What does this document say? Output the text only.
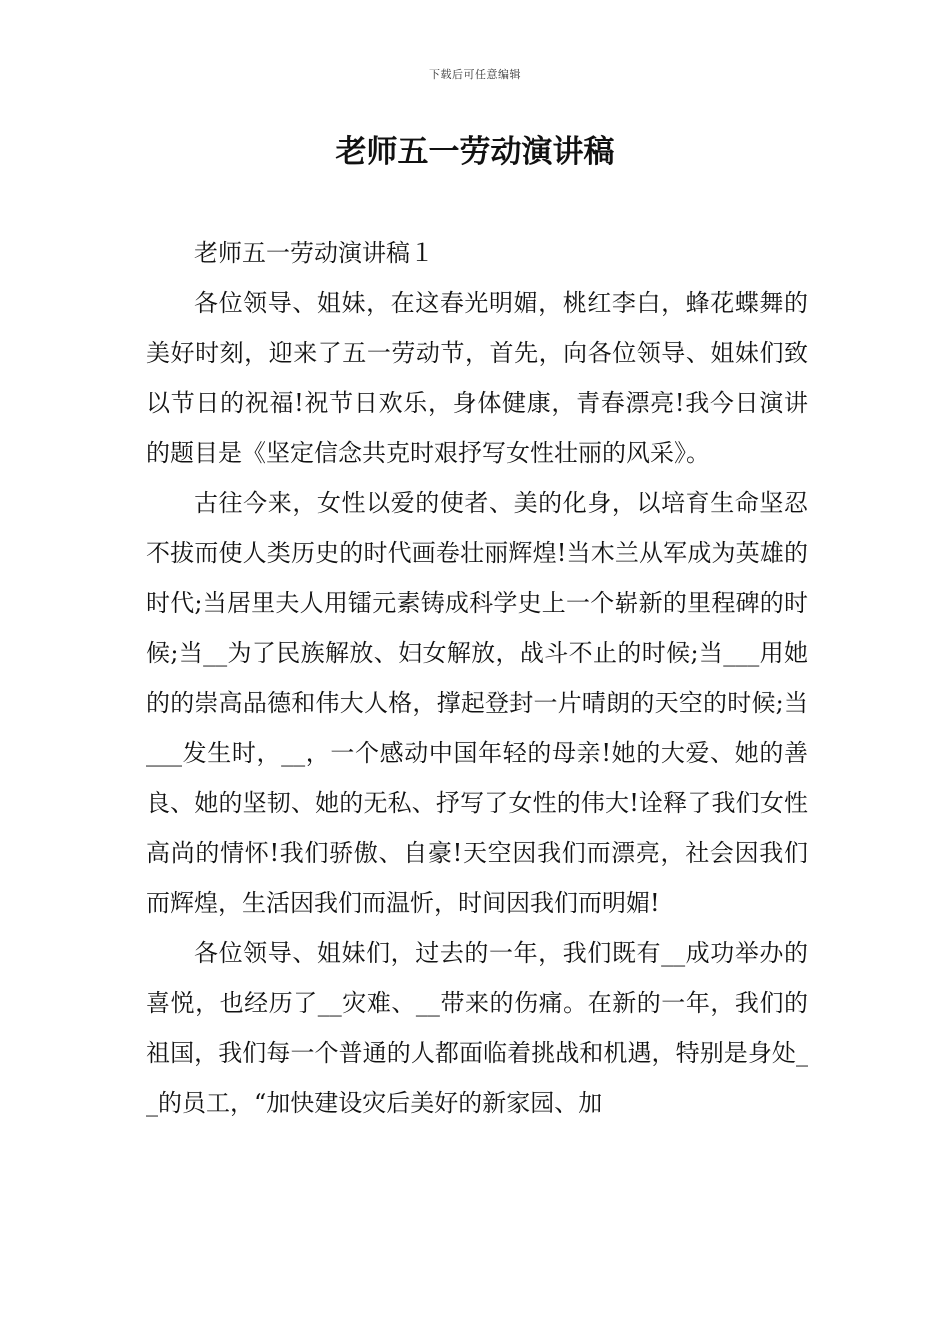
下载后可任意编辑
老师五一劳动演讲稿

老师五一劳动演讲稿１

各位领导、姐妹，在这春光明媚，桃红李白，蜂花蝶舞的美好时刻，迎来了五一劳动节，首先，向各位领导、姐妹们致以节日的祝福!祝节日欢乐，身体健康，青春漂亮!我今日演讲的题目是《坚定信念共克时艰抒写女性壮丽的风采》。

古往今来，女性以爱的使者、美的化身，以培育生命坚忍不拔而使人类历史的时代画卷壮丽辉煌!当木兰从军成为英雄的时代;当居里夫人用镭元素铸成科学史上一个崭新的里程碑的时候;当__为了民族解放、妇女解放，战斗不止的时候;当___用她的的崇高品德和伟大人格，撑起登封一片晴朗的天空的时候;当___发生时，__，一个感动中国年轻的母亲!她的大爱、她的善良、她的坚韧、她的无私、抒写了女性的伟大!诠释了我们女性高尚的情怀!我们骄傲、自豪!天空因我们而漂亮，社会因我们而辉煌，生活因我们而温忻，时间因我们而明媚!

各位领导、姐妹们，过去的一年，我们既有__成功举办的喜悦，也经历了__灾难、__带来的伤痛。在新的一年，我们的祖国，我们每一个普通的人都面临着挑战和机遇，特别是身处__的员工，“加快建设灾后美好的新家园、加
